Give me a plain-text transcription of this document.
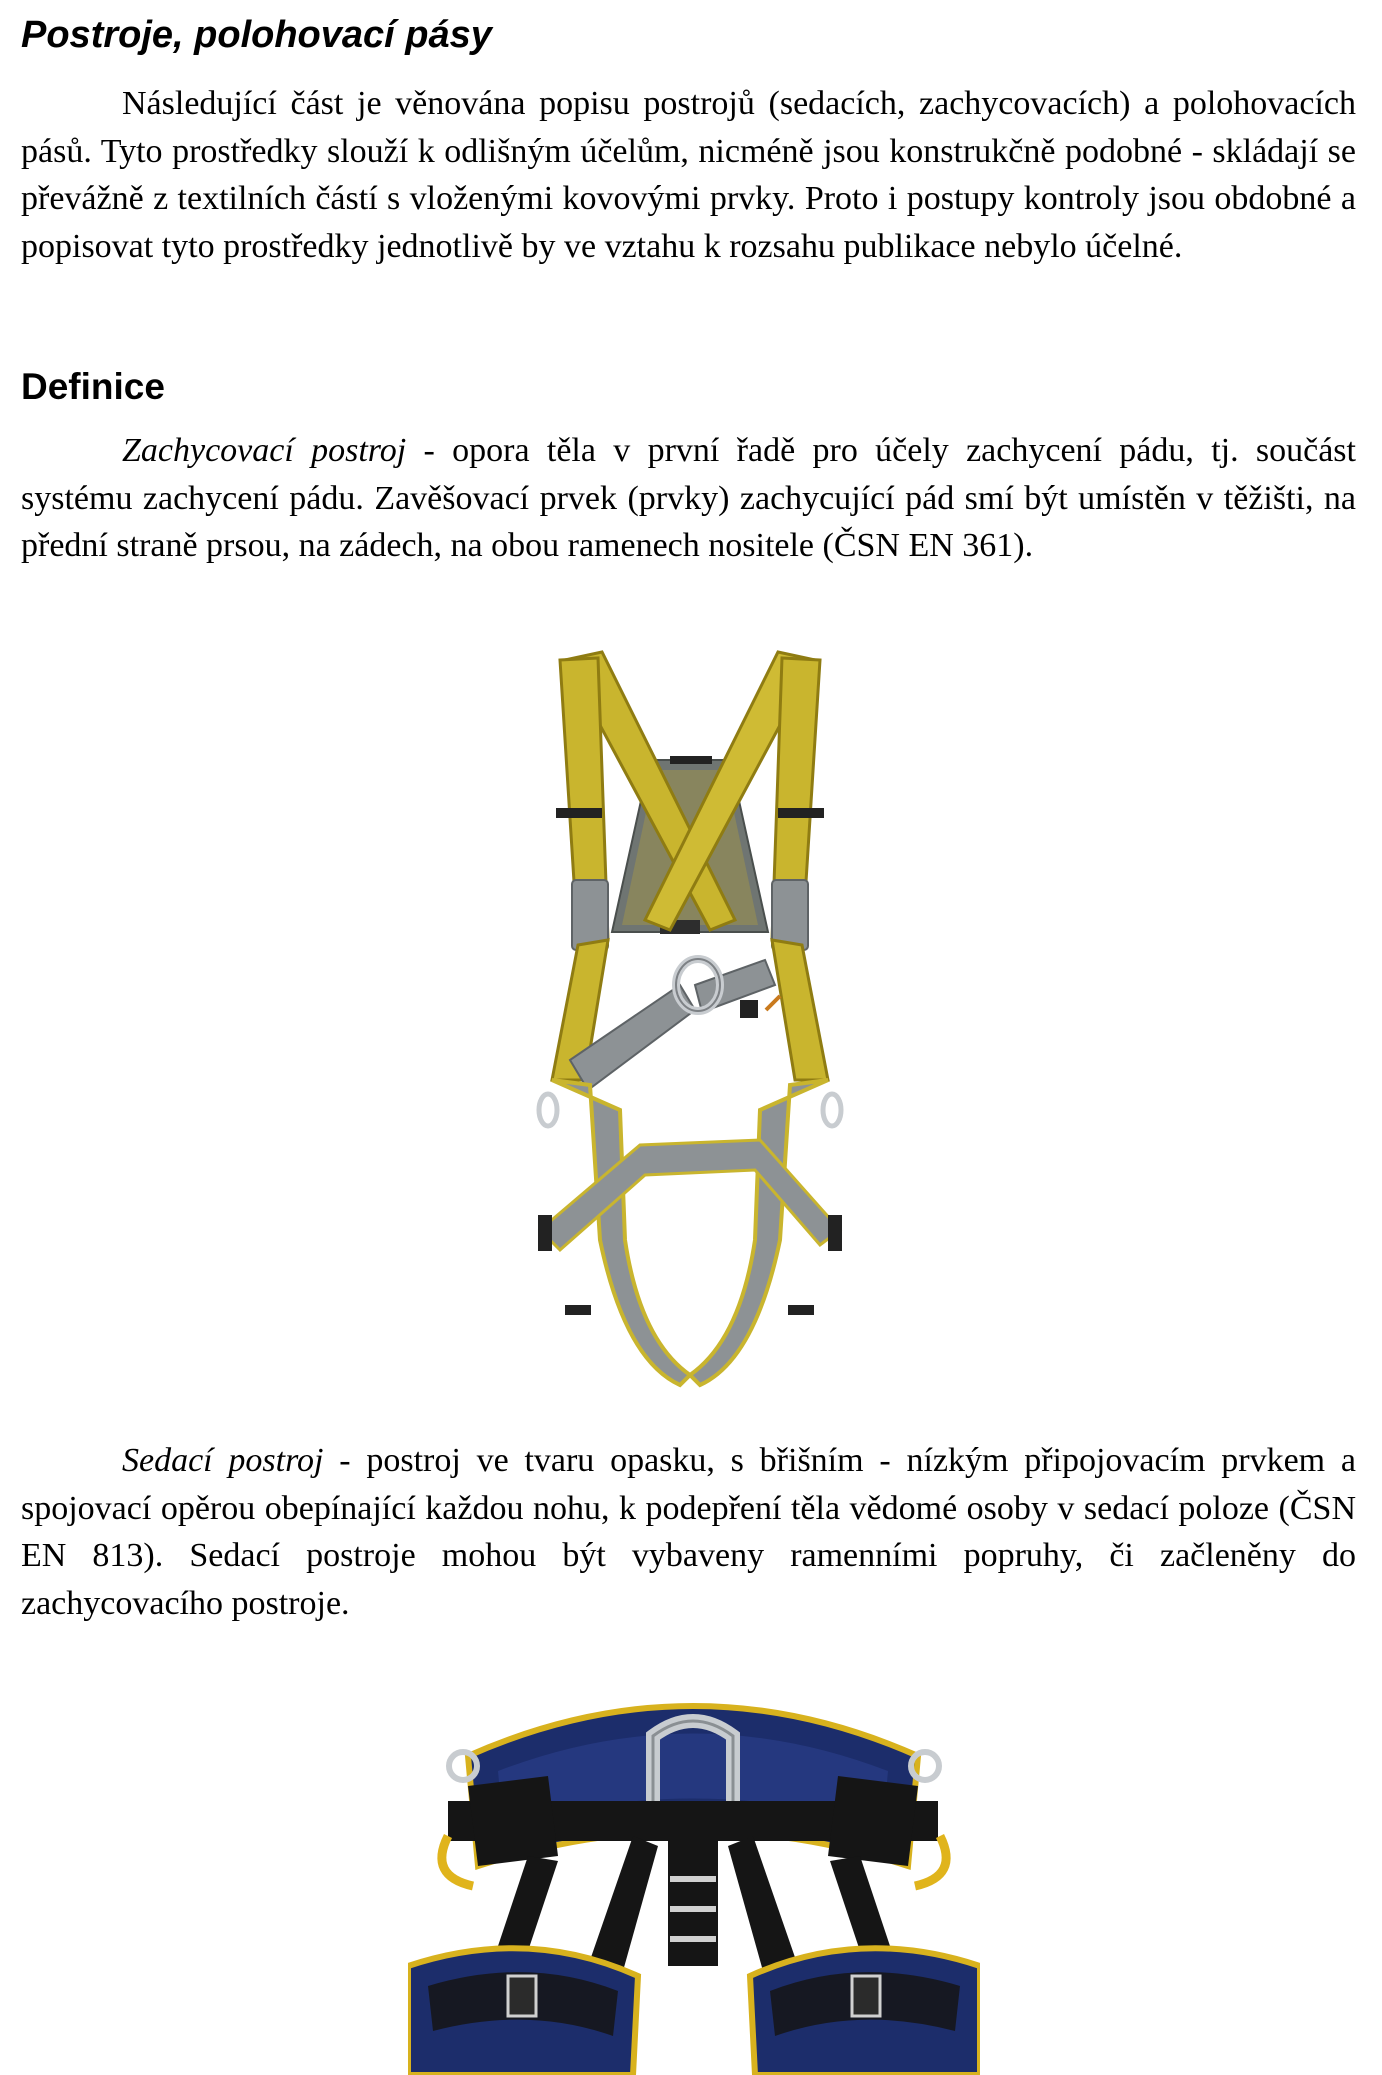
Postroje, polohovací pásy

Následující část je věnována popisu postrojů (sedacích, zachycovacích) a polohovacích pásů. Tyto prostředky slouží k odlišným účelům, nicméně jsou konstrukčně podobné - skládají se převážně z textilních částí s vloženými kovovými prvky. Proto i postupy kontroly jsou obdobné a popisovat tyto prostředky jednotlivě by ve vztahu k rozsahu publikace nebylo účelné.

Definice

Zachycovací postroj - opora těla v první řadě pro účely zachycení pádu, tj. součást systému zachycení pádu. Zavěšovací prvek (prvky) zachycující pád smí být umístěn v těžišti, na přední straně prsou, na zádech, na obou ramenech nositele (ČSN EN 361).

Sedací postroj - postroj ve tvaru opasku, s břišním - nízkým připojovacím prvkem a spojovací opěrou obepínající každou nohu, k podepření těla vědomé osoby v sedací poloze (ČSN EN 813). Sedací postroje mohou být vybaveny ramenními popruhy, či začleněny do zachycovacího postroje.
